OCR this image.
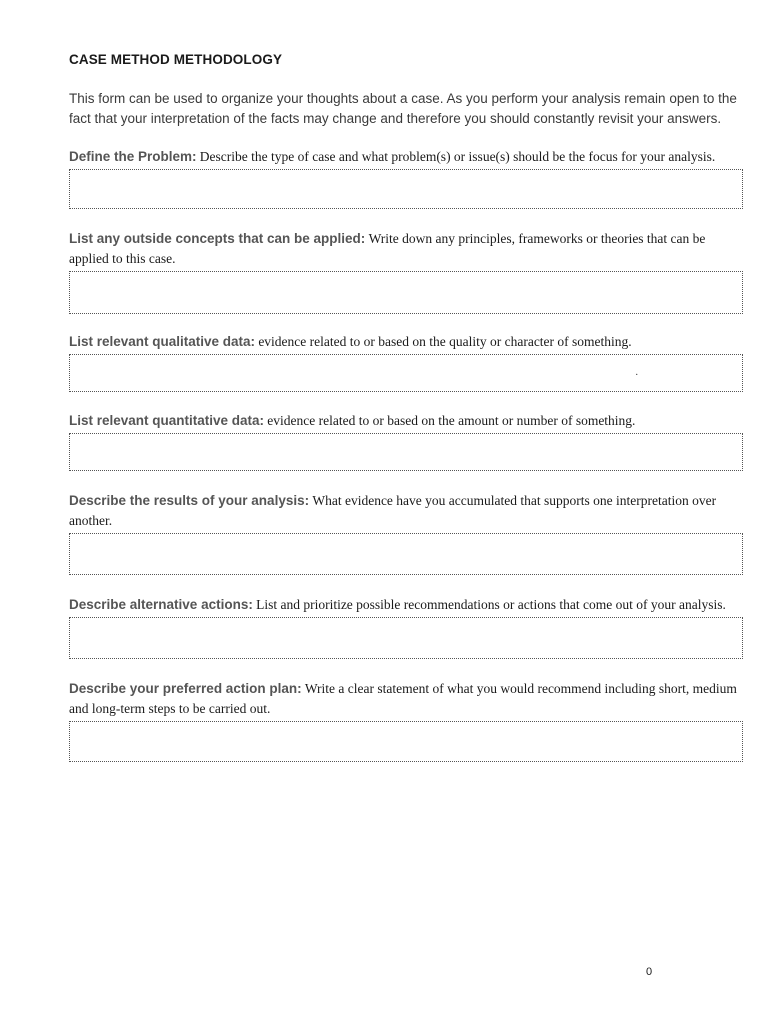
CASE METHOD METHODOLOGY

This form can be used to organize your thoughts about a case. As you perform your analysis remain open to the fact that your interpretation of the facts may change and therefore you should constantly revisit your answers.

Define the Problem: Describe the type of case and what problem(s) or issue(s) should be the focus for your analysis.

List any outside concepts that can be applied: Write down any principles, frameworks or theories that can be applied to this case.

List relevant qualitative data: evidence related to or based on the quality or character of something.

.

List relevant quantitative data: evidence related to or based on the amount or number of something.

Describe the results of your analysis: What evidence have you accumulated that supports one interpretation over another.

Describe alternative actions: List and prioritize possible recommendations or actions that come out of your analysis.

Describe your preferred action plan: Write a clear statement of what you would recommend including short, medium and long-term steps to be carried out.

0
